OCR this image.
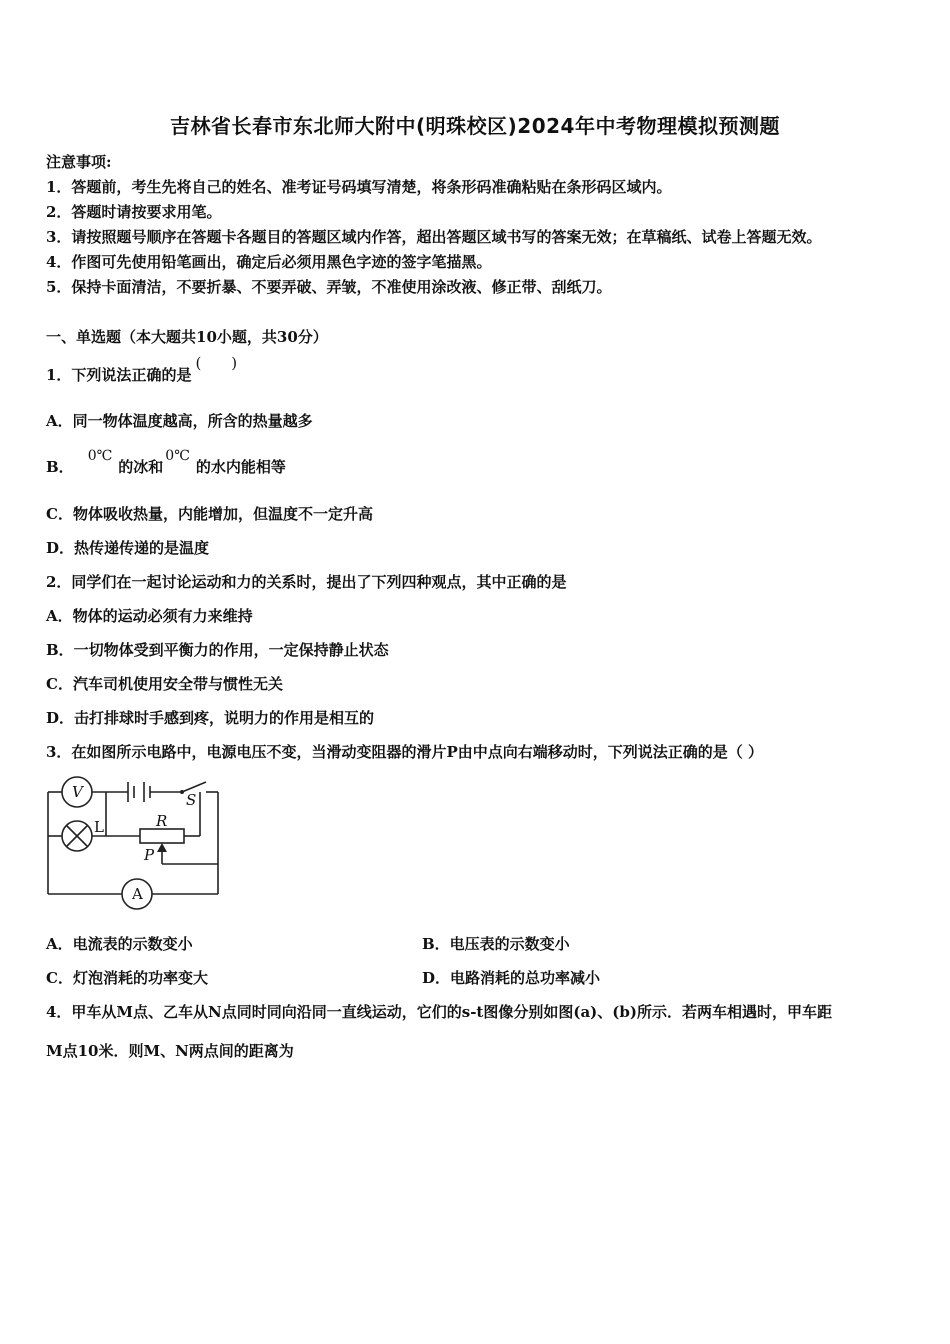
吉林省长春市东北师大附中(明珠校区)2024年中考物理模拟预测题
注意事项:
1．答题前，考生先将自己的姓名、准考证号码填写清楚，将条形码准确粘贴在条形码区域内。
2．答题时请按要求用笔。
3．请按照题号顺序在答题卡各题目的答题区域内作答，超出答题区域书写的答案无效；在草稿纸、试卷上答题无效。
4．作图可先使用铅笔画出，确定后必须用黑色字迹的签字笔描黑。
5．保持卡面清洁，不要折暴、不要弄破、弄皱，不准使用涂改液、修正带、刮纸刀。
一、单选题（本大题共10小题，共30分）
1．下列说法正确的是(　　)
A．同一物体温度越高，所含的热量越多
B．0℃的冰和0℃的水内能相等
C．物体吸收热量，内能增加，但温度不一定升高
D．热传递传递的是温度
2．同学们在一起讨论运动和力的关系时，提出了下列四种观点，其中正确的是
A．物体的运动必须有力来维持
B．一切物体受到平衡力的作用，一定保持静止状态
C．汽车司机使用安全带与惯性无关
D．击打排球时手感到疼，说明力的作用是相互的
3．在如图所示电路中，电源电压不变，当滑动变阻器的滑片P由中点向右端移动时，下列说法正确的是（ ）
V
L
S
R
P
A
A．电流表的示数变小	B．电压表的示数变小
C．灯泡消耗的功率变大	D．电路消耗的总功率减小
4．甲车从M点、乙车从N点同时同向沿同一直线运动，它们的s-t图像分别如图(a)、(b)所示．若两车相遇时，甲车距
M点10米．则M、N两点间的距离为
